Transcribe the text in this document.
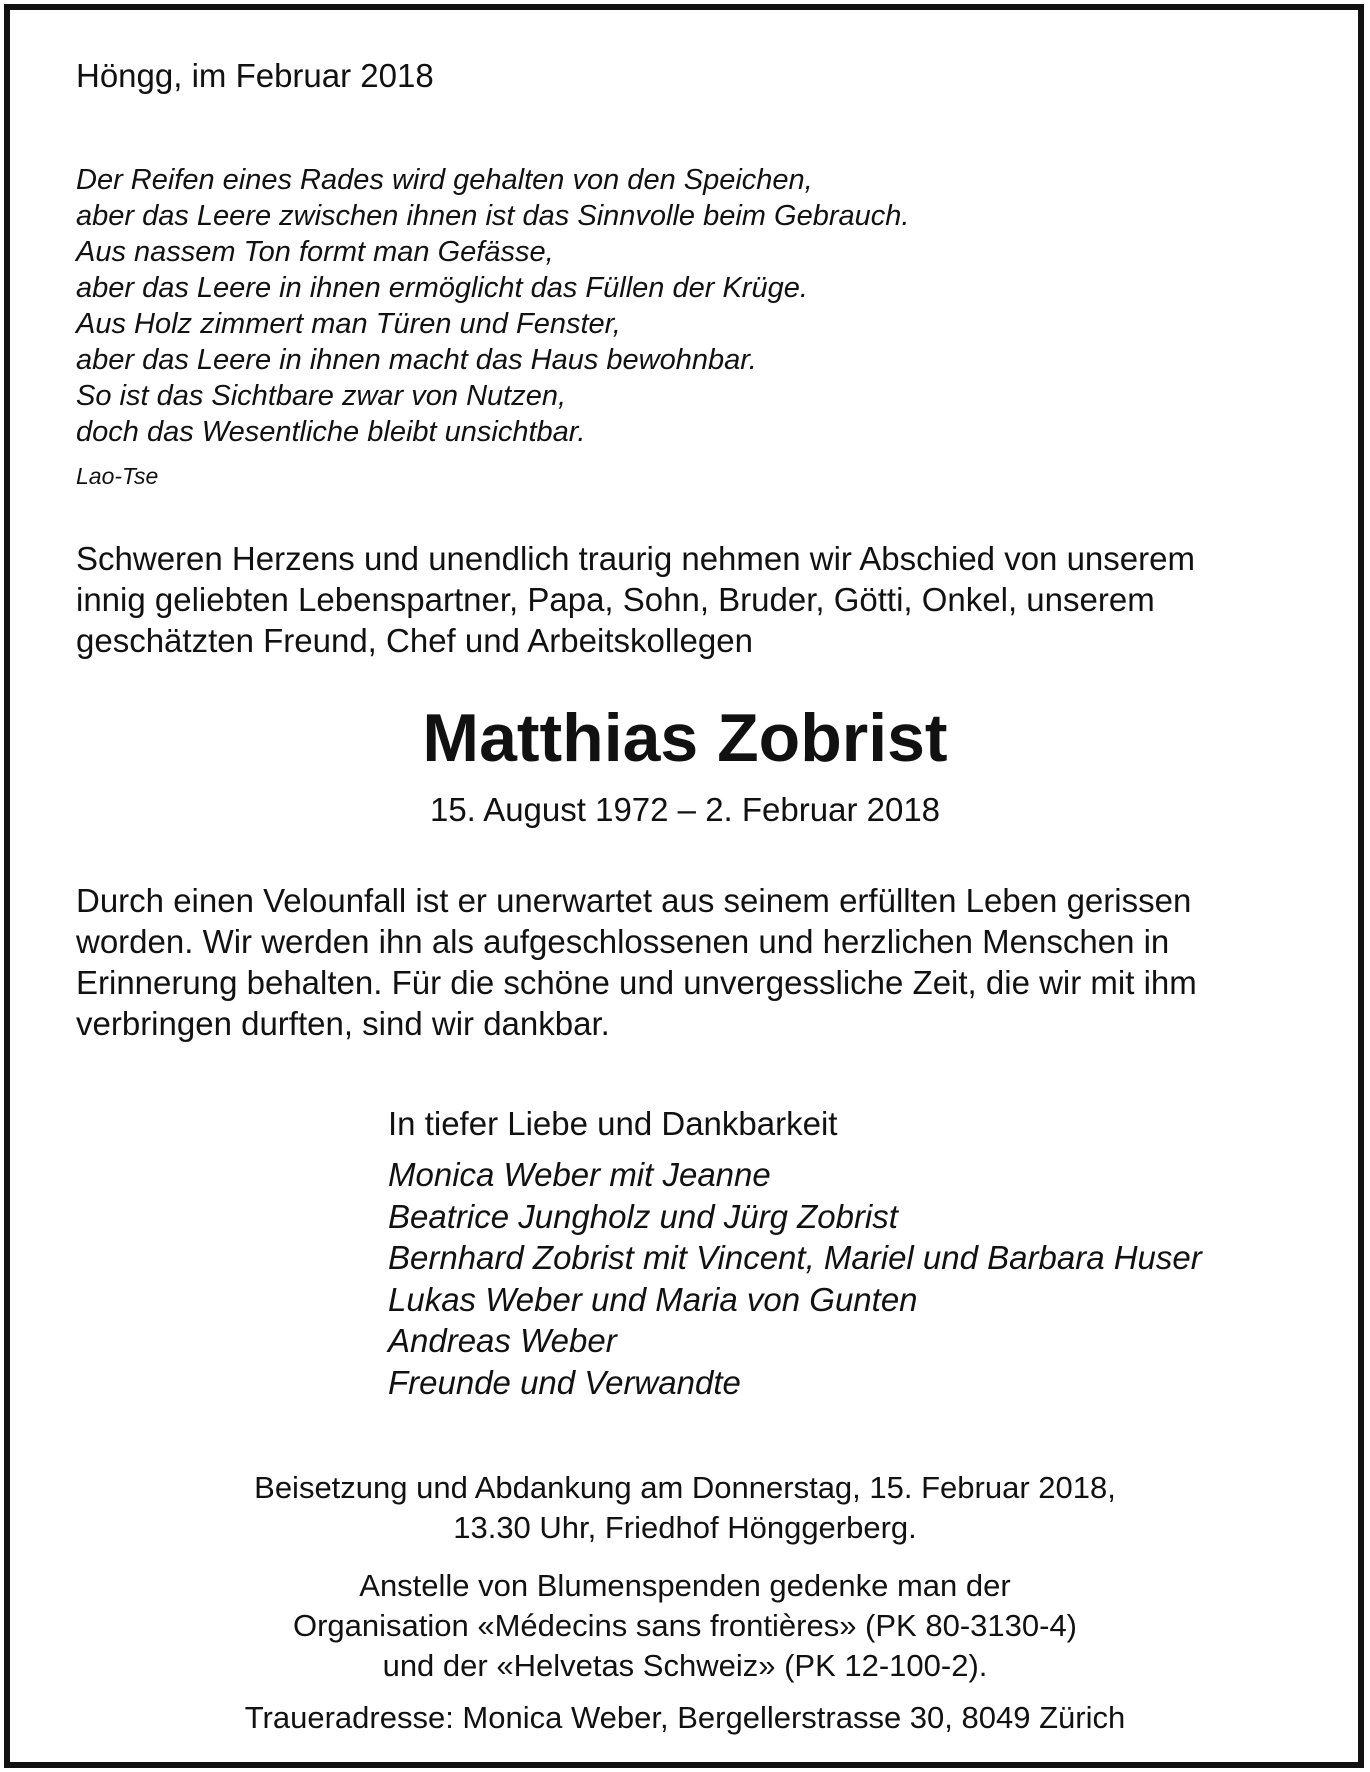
Höngg, im Februar 2018

Der Reifen eines Rades wird gehalten von den Speichen,
aber das Leere zwischen ihnen ist das Sinnvolle beim Gebrauch.
Aus nassem Ton formt man Gefässe,
aber das Leere in ihnen ermöglicht das Füllen der Krüge.
Aus Holz zimmert man Türen und Fenster,
aber das Leere in ihnen macht das Haus bewohnbar.
So ist das Sichtbare zwar von Nutzen,
doch das Wesentliche bleibt unsichtbar.

Lao-Tse

Schweren Herzens und unendlich traurig nehmen wir Abschied von unserem
innig geliebten Lebenspartner, Papa, Sohn, Bruder, Götti, Onkel, unserem
geschätzten Freund, Chef und Arbeitskollegen
Matthias Zobrist

15. August 1972 – 2. Februar 2018

Durch einen Velounfall ist er unerwartet aus seinem erfüllten Leben gerissen
worden. Wir werden ihn als aufgeschlossenen und herzlichen Menschen in
Erinnerung behalten. Für die schöne und unvergessliche Zeit, die wir mit ihm
verbringen durften, sind wir dankbar.

In tiefer Liebe und Dankbarkeit

Monica Weber mit Jeanne
Beatrice Jungholz und Jürg Zobrist
Bernhard Zobrist mit Vincent, Mariel und Barbara Huser
Lukas Weber und Maria von Gunten
Andreas Weber
Freunde und Verwandte
Beisetzung und Abdankung am Donnerstag, 15. Februar 2018,
13.30 Uhr, Friedhof Hönggerberg.
Anstelle von Blumenspenden gedenke man der
Organisation «Médecins sans frontières» (PK 80-3130-4)
und der «Helvetas Schweiz» (PK 12-100-2).

Traueradresse: Monica Weber, Bergellerstrasse 30, 8049 Zürich
